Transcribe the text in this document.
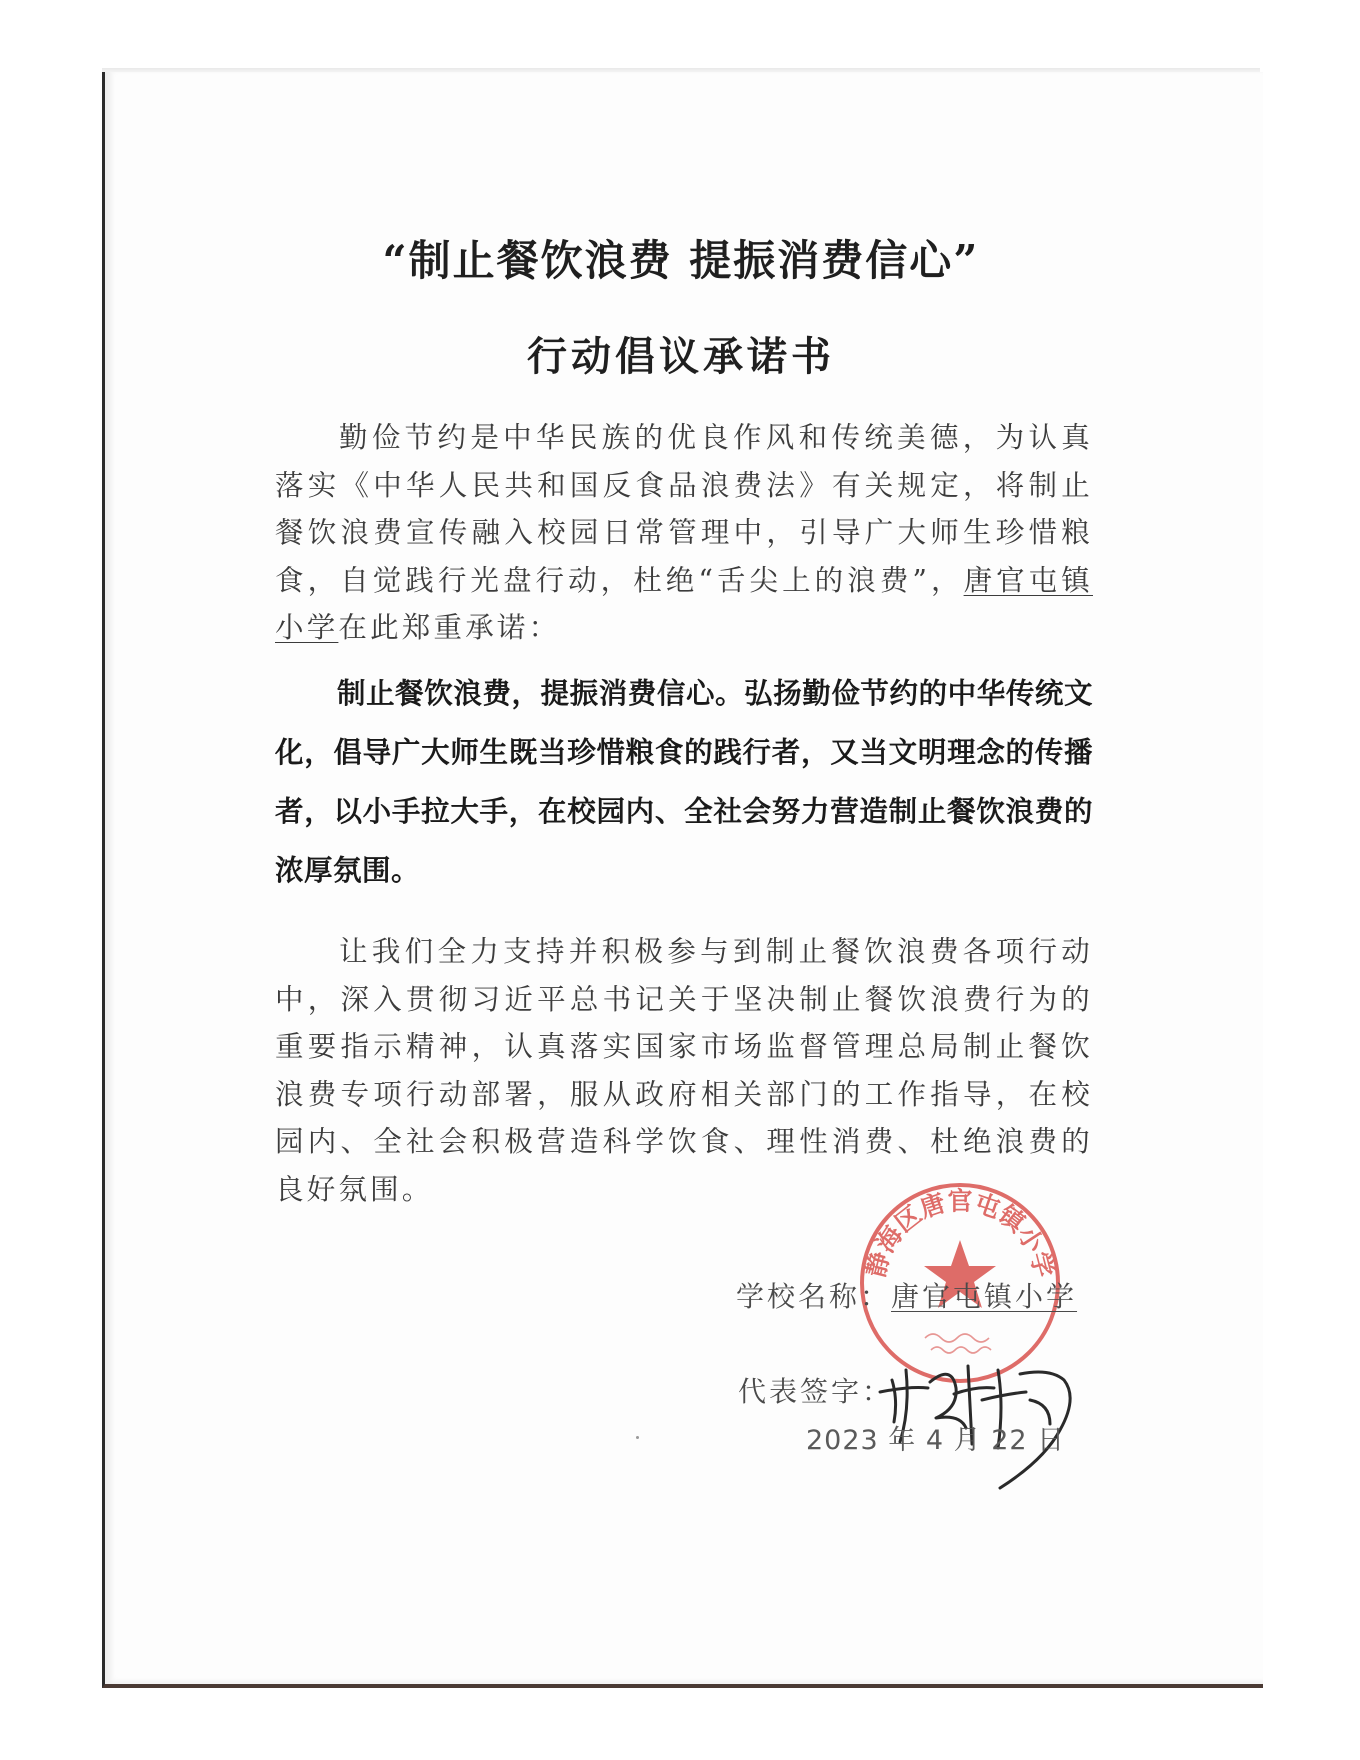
“制止餐饮浪费 提振消费信心”
行动倡议承诺书

勤俭节约是中华民族的优良作风和传统美德，为认真落实《中华人民共和国反食品浪费法》有关规定，将制止餐饮浪费宣传融入校园日常管理中，引导广大师生珍惜粮食，自觉践行光盘行动，杜绝“舌尖上的浪费”，唐官屯镇小学在此郑重承诺：

制止餐饮浪费，提振消费信心。弘扬勤俭节约的中华传统文化，倡导广大师生既当珍惜粮食的践行者，又当文明理念的传播者，以小手拉大手，在校园内、全社会努力营造制止餐饮浪费的浓厚氛围。

让我们全力支持并积极参与到制止餐饮浪费各项行动中，深入贯彻习近平总书记关于坚决制止餐饮浪费行为的重要指示精神，认真落实国家市场监督管理总局制止餐饮浪费专项行动部署，服从政府相关部门的工作指导，在校园内、全社会积极营造科学饮食、理性消费、杜绝浪费的良好氛围。

静海区唐官屯镇小学
学校名称：唐官屯镇小学
代表签字：
2023 年 4 月 22 日
